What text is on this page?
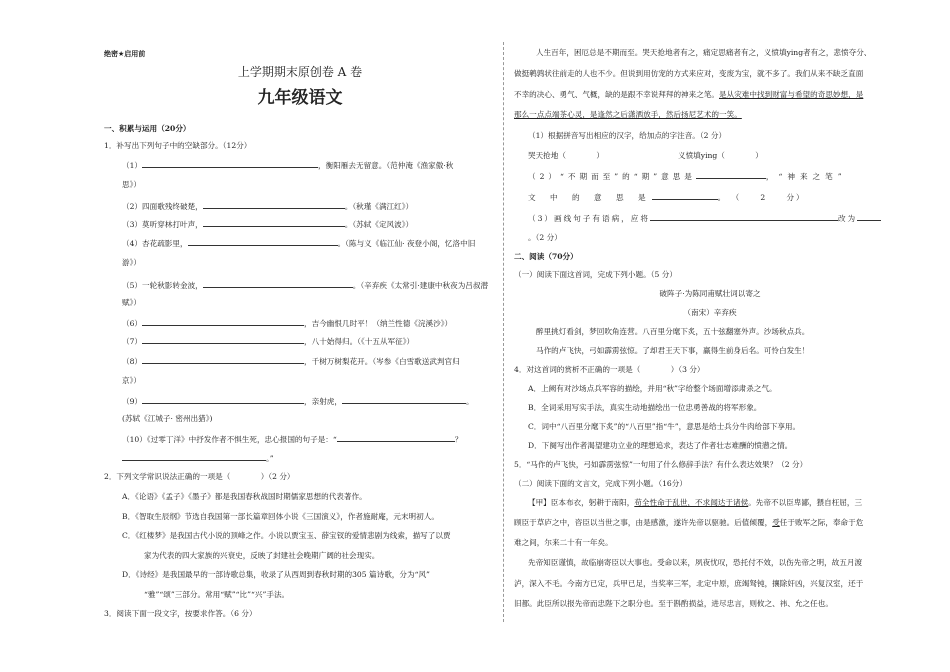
绝密★启用前
上学期期末原创卷 A 卷
九年级语文
一、积累与运用（20分）
1．补写出下列句子中的空缺部分。（12分）
（1）	，衡阳雁去无留意。（范仲淹《渔家傲·秋
思》）
（2）四面歌残终破楚，	。（秋瑾《满江红》）
（3）莫听穿林打叶声，	。（苏轼《定风波》）
（4）杏花疏影里，	。（陈与义《临江仙· 夜登小阁，忆洛中旧
游》）
（5）一轮秋影转金波，	。（辛弃疾《太常引·建康中秋夜为吕叔潜
赋》）
（6）	，吉今幽恨几时平！（纳兰性德《浣溪沙》）
（7）	，八十始得归。（《十五从军征》）
（8）	，千树万树梨花开。（岑参《白雪歌送武判官归
京》）
（9）	，亲射虎，	。
(苏轼《江城子· 密州出猎》)
（10）《过零丁洋》中抒发作者不惧生死，忠心报国的句子是：“	？
。”
2．下列文学常识说法正确的一项是（　　　　）（2 分）
A．《论语》《孟子》《墨子》都是我国春秋战国时期儒家思想的代表著作。
B．《智取生辰纲》节选自我国第一部长篇章回体小说《三国演义》，作者施耐庵，元末明初人。
C．《红楼梦》是我国古代小说的顶峰之作。小说以贾宝玉、薛宝钗的爱情悲剧为线索，描写了以贾
家为代表的四大家族的兴衰史，反映了封建社会晚期广阔的社会现实。
D．《诗经》是我国最早的一部诗歌总集，收录了从西周到春秋时期的305 篇诗歌，分为“风”
“雅”“颂”三部分。常用“赋”“比”“兴”手法。
3．阅读下面一段文字，按要求作答。（6 分）
人生百年，困厄总是不期而至。哭天抢地者有之，痛定思痛者有之，义愤填ying者有之，悲愤夺分、
做挺鹌鹑状往前走的人也不少。但说到用仿宠的方式来应对，变废为宝，就不多了。我们从来不缺乏直面
不幸的决心、勇气、气概，缺的是跟不幸说拜拜的神来之笔。是从灾难中找到财富与希望的奇思妙想，是
那么一点点端茶心灵，是逢然之后潇洒放手，然后扬尼艺术的一笑。
（1）根据拼音写出相应的汉字，给加点的字注音。（2 分）
哭天抢地（　　　　）	义愤填ying（　　　　）
（2）“不期而至”的“期”意思是	，“神来之笔”
文 中 的 意 思 是	。 （　　2　　分）
（3）画线句子有语病，应将	改为
。（2 分）
二、阅读（70分）
（一）阅读下面这首词，完成下列小题。（5 分）
破阵子·为陈同甫赋壮词以寄之
（南宋）辛弃疾
醉里挑灯看剑，梦回吹角连营。八百里分麾下炙，五十弦翻塞外声。沙场秋点兵。
马作的卢飞快，弓如霹雳弦惊。了却君王天下事，赢得生前身后名。可怜白发生！
4．对这首词的赏析不正确的一项是（　　　　）（3 分）
A．上阙有对沙场点兵军容的描绘，并用“秋”字给整个场面增添肃杀之气。
B．全词采用写实手法，真实生动地描绘出一位忠勇善战的将军形象。
C．词中“八百里分麾下炙”的“八百里”指“牛”，意思是给士兵分牛肉给部下享用。
D．下阕写出作者渴望建功立业的理想追求，表达了作者壮志难酬的愤懑之情。
5．“马作的卢飞快，弓如霹雳弦惊”一句用了什么修辞手法？有什么表达效果？（2 分）
（二）阅读下面的文言文，完成下列小题。（16分）
【甲】臣本布衣，躬耕于南阳，苟全性命于乱世，不求闻达于诸侯。先帝不以臣卑鄙，猥自枉屈，三
顾臣于草庐之中，咨臣以当世之事，由是感激，遂许先帝以驱驰。后值倾覆，受任于败军之际，奉命于危
难之间，尔来二十有一年矣。
先帝知臣谨慎，故临崩寄臣以大事也。受命以来，夙夜忧叹，恐托付不效，以伤先帝之明，故五月渡
泸，深入不毛。今南方已定，兵甲已足，当奖率三军，北定中原，庶竭驽钝，攘除奸凶，兴复汉室，还于
旧都。此臣所以报先帝而忠陛下之职分也。至于斟酌损益，进尽忠言，则攸之、祎、允之任也。
